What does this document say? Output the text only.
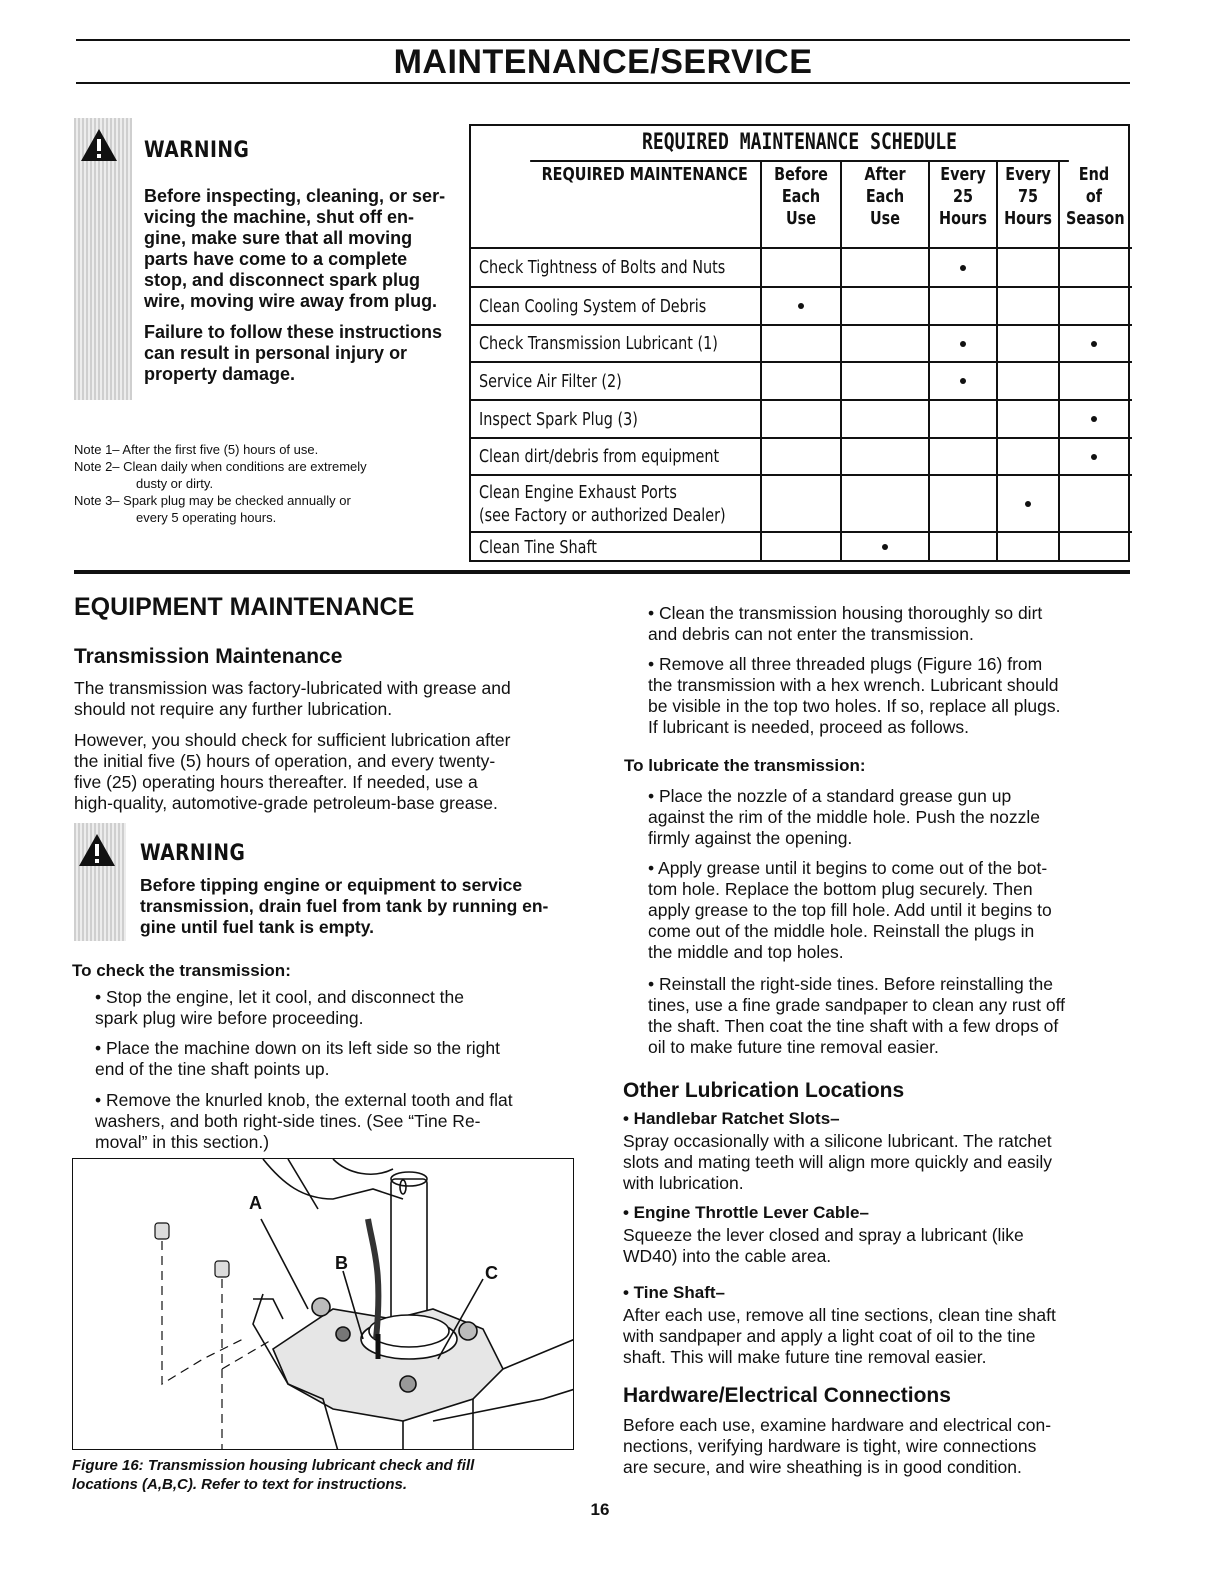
MAINTENANCE/SERVICE
WARNING
Before inspecting, cleaning, or ser-
vicing the machine, shut off en-
gine, make sure that all moving
parts have come to a complete
stop, and disconnect spark plug
wire, moving wire away from plug.
Failure to follow these instructions
can result in personal injury or
property damage.
Note 1– After the first five (5) hours of use.
Note 2– Clean daily when conditions are extremely
dusty or dirty.
Note 3– Spark plug may be checked annually or
every 5 operating hours.
REQUIRED MAINTENANCE SCHEDULE
REQUIRED MAINTENANCE	Before
Each
Use
After
Each
Use
Every
25
Hours
Every
75
Hours
End
of
Season
Check Tightness of Bolts and Nuts
Clean Cooling System of Debris
Check Transmission Lubricant (1)
Service Air Filter (2)
Inspect Spark Plug (3)
Clean dirt/debris from equipment
Clean Engine Exhaust Ports
(see Factory or authorized Dealer)
Clean Tine Shaft
EQUIPMENT MAINTENANCE
Transmission Maintenance
The transmission was factory-lubricated with grease and
should not require any further lubrication.
However, you should check for sufficient lubrication after
the initial five (5) hours of operation, and every twenty-
five (25) operating hours thereafter. If needed, use a
high-quality, automotive-grade petroleum-base grease.
WARNING
Before tipping engine or equipment to service
transmission, drain fuel from tank by running en-
gine until fuel tank is empty.
To check the transmission:
• Stop the engine, let it cool, and disconnect the
spark plug wire before proceeding.
• Place the machine down on its left side so the right
end of the tine shaft points up.
• Remove the knurled knob, the external tooth and flat
washers, and both right-side tines. (See “Tine Re-
moval” in this section.)
A
B	C
Figure 16: Transmission housing lubricant check and fill
locations (A,B,C). Refer to text for instructions.
• Clean the transmission housing thoroughly so dirt
and debris can not enter the transmission.
• Remove all three threaded plugs (Figure 16) from
the transmission with a hex wrench. Lubricant should
be visible in the top two holes. If so, replace all plugs.
If lubricant is needed, proceed as follows.
To lubricate the transmission:
• Place the nozzle of a standard grease gun up
against the rim of the middle hole. Push the nozzle
firmly against the opening.
• Apply grease until it begins to come out of the bot-
tom hole. Replace the bottom plug securely. Then
apply grease to the top fill hole. Add until it begins to
come out of the middle hole. Reinstall the plugs in
the middle and top holes.
• Reinstall the right-side tines. Before reinstalling the
tines, use a fine grade sandpaper to clean any rust off
the shaft. Then coat the tine shaft with a few drops of
oil to make future tine removal easier.
Other Lubrication Locations
• Handlebar Ratchet Slots–
Spray occasionally with a silicone lubricant. The ratchet
slots and mating teeth will align more quickly and easily
with lubrication.
• Engine Throttle Lever Cable–
Squeeze the lever closed and spray a lubricant (like
WD40) into the cable area.
• Tine Shaft–
After each use, remove all tine sections, clean tine shaft
with sandpaper and apply a light coat of oil to the tine
shaft. This will make future tine removal easier.
Hardware/Electrical Connections
Before each use, examine hardware and electrical con-
nections, verifying hardware is tight, wire connections
are secure, and wire sheathing is in good condition.
16
